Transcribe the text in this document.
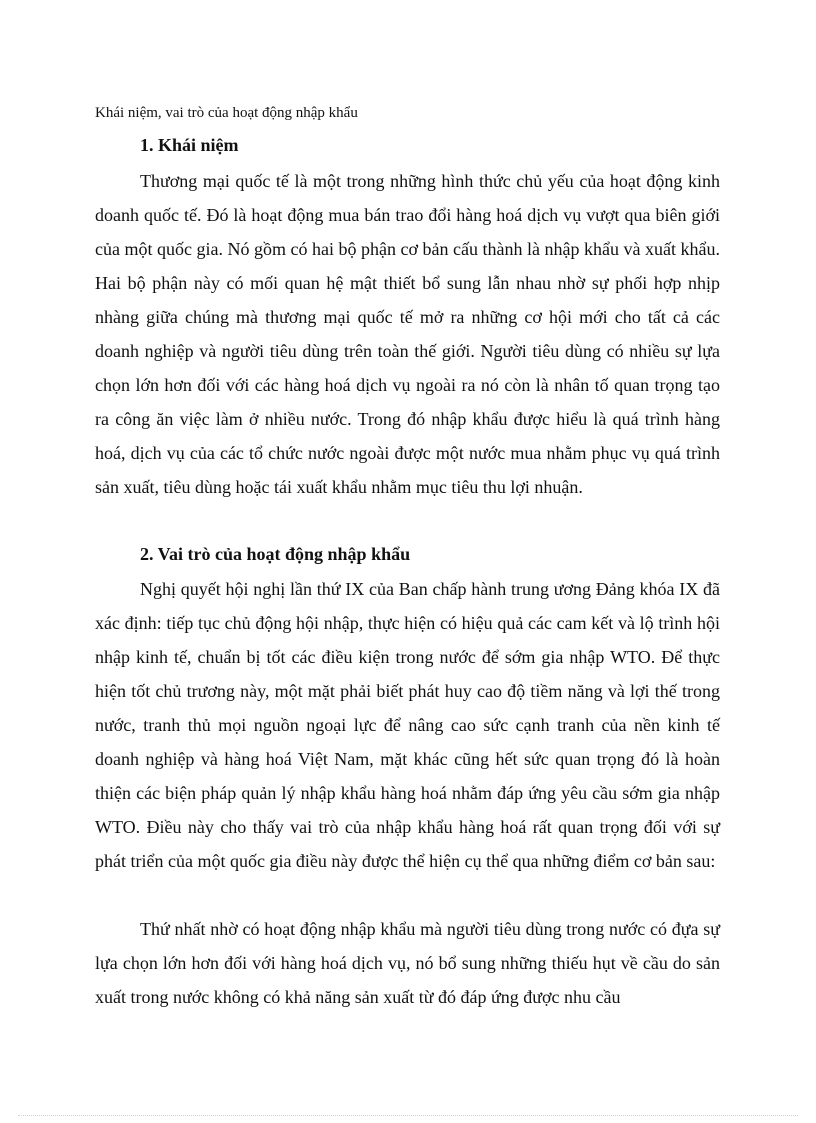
Khái niệm, vai trò của hoạt động nhập khẩu
1. Khái niệm

Thương mại quốc tế là một trong những hình thức chủ yếu của hoạt động kinh doanh quốc tế. Đó là hoạt động mua bán trao đổi hàng hoá dịch vụ vượt qua biên giới của một quốc gia. Nó gồm có hai bộ phận cơ bản cấu thành là nhập khẩu và xuất khẩu. Hai bộ phận này có mối quan hệ mật thiết bổ sung lẫn nhau nhờ sự phối hợp nhịp nhàng giữa chúng mà thương mại quốc tế mở ra những cơ hội mới cho tất cả các doanh nghiệp và người tiêu dùng trên toàn thế giới. Người tiêu dùng có nhiều sự lựa chọn lớn hơn đối với các hàng hoá dịch vụ ngoài ra nó còn là nhân tố quan trọng tạo ra công ăn việc làm ở nhiều nước. Trong đó nhập khẩu được hiểu là quá trình hàng hoá, dịch vụ của các tổ chức nước ngoài được một nước mua nhằm phục vụ quá trình sản xuất, tiêu dùng hoặc tái xuất khẩu nhằm mục tiêu thu lợi nhuận.

2. Vai trò của hoạt động nhập khẩu

Nghị quyết hội nghị lần thứ IX của Ban chấp hành trung ương Đảng khóa IX đã xác định: tiếp tục chủ động hội nhập, thực hiện có hiệu quả các cam kết và lộ trình hội nhập kinh tế, chuẩn bị tốt các điều kiện trong nước để sớm gia nhập WTO. Để thực hiện tốt chủ trương này, một mặt phải biết phát huy cao độ tiềm năng và lợi thế trong nước, tranh thủ mọi nguồn ngoại lực để nâng cao sức cạnh tranh của nền kinh tế doanh nghiệp và hàng hoá Việt Nam, mặt khác cũng hết sức quan trọng đó là hoàn thiện các biện pháp quản lý nhập khẩu hàng hoá nhằm đáp ứng yêu cầu sớm gia nhập WTO. Điều này cho thấy vai trò của nhập khẩu hàng hoá rất quan trọng đối với sự phát triển của một quốc gia điều này được thể hiện cụ thể qua những điểm cơ bản sau:

Thứ nhất nhờ có hoạt động nhập khẩu mà người tiêu dùng trong nước có đựa sự lựa chọn lớn hơn đối với hàng hoá dịch vụ, nó bổ sung những thiếu hụt về cầu do sản xuất trong nước không có khả năng sản xuất từ đó đáp ứng được nhu cầu
